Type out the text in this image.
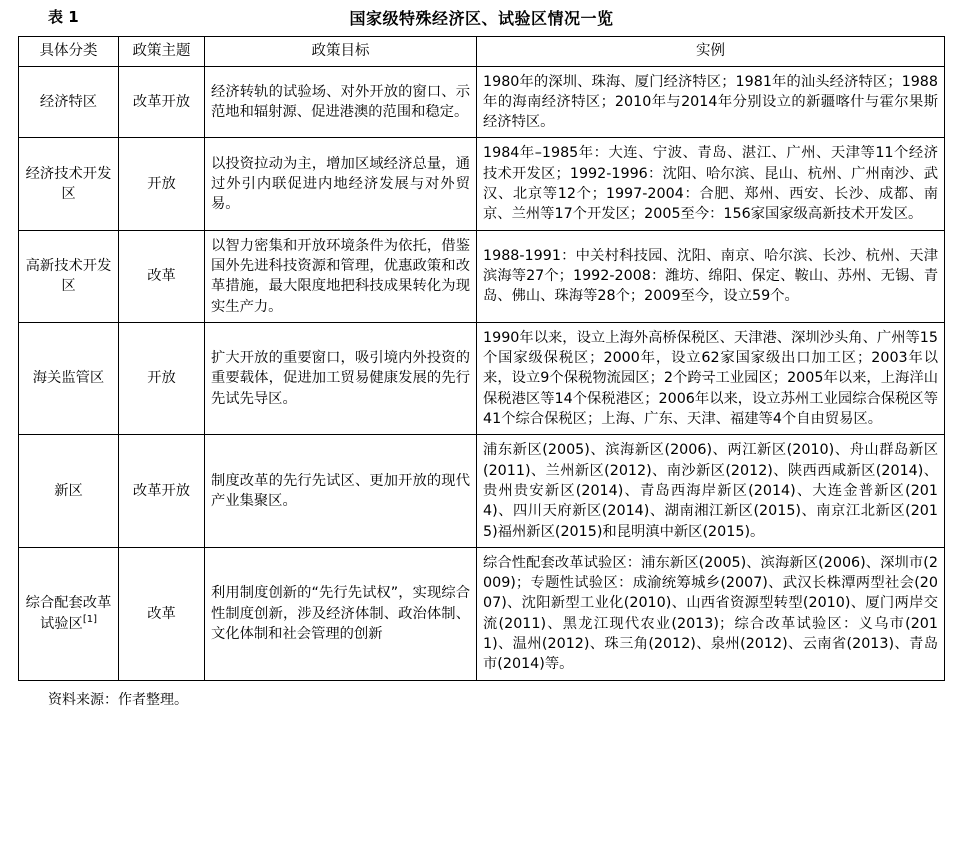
表 1	国家级特殊经济区、试验区情况一览
具体分类	政策主题	政策目标	实例
经济特区	改革开放	经济转轨的试验场、对外开放的窗口、示范地和辐射源、促进港澳的范围和稳定。	1980年的深圳、珠海、厦门经济特区；1981年的汕头经济特区；1988年的海南经济特区；2010年与2014年分别设立的新疆喀什与霍尔果斯经济特区。
经济技术开发区	开放	以投资拉动为主，增加区域经济总量，通过外引内联促进内地经济发展与对外贸易。	1984年–1985年：大连、宁波、青岛、湛江、广州、天津等11个经济技术开发区；1992-1996：沈阳、哈尔滨、昆山、杭州、广州南沙、武汉、北京等12个；1997-2004：合肥、郑州、西安、长沙、成都、南京、兰州等17个开发区；2005至今：156家国家级高新技术开发区。
高新技术开发区	改革	以智力密集和开放环境条件为依托，借鉴国外先进科技资源和管理，优惠政策和改革措施，最大限度地把科技成果转化为现实生产力。	1988-1991：中关村科技园、沈阳、南京、哈尔滨、长沙、杭州、天津滨海等27个；1992-2008：潍坊、绵阳、保定、鞍山、苏州、无锡、青岛、佛山、珠海等28个；2009至今，设立59个。
海关监管区	开放	扩大开放的重要窗口，吸引境内外投资的重要载体，促进加工贸易健康发展的先行先试先导区。	1990年以来，设立上海外高桥保税区、天津港、深圳沙头角、广州等15个国家级保税区；2000年，设立62家国家级出口加工区；2003年以来，设立9个保税物流园区；2个跨국工业园区；2005年以来，上海洋山保税港区等14个保税港区；2006年以来，设立苏州工业园综合保税区等41个综合保税区；上海、广东、天津、福建等4个自由贸易区。
新区	改革开放	制度改革的先行先试区、更加开放的现代产业集聚区。	浦东新区(2005)、滨海新区(2006)、两江新区(2010)、舟山群岛新区(2011)、兰州新区(2012)、南沙新区(2012)、陕西西咸新区(2014)、贵州贵安新区(2014)、青岛西海岸新区(2014)、大连金普新区(2014)、四川天府新区(2014)、湖南湘江新区(2015)、南京江北新区(2015)福州新区(2015)和昆明滇中新区(2015)。
综合配套改革试验区[1]	改革	利用制度创新的“先行先试权”，实现综合性制度创新，涉及经济体制、政治体制、文化体制和社会管理的创新	综合性配套改革试验区：浦东新区(2005)、滨海新区(2006)、深圳市(2009)；专题性试验区：成渝统筹城乡(2007)、武汉长株潭两型社会(2007)、沈阳新型工业化(2010)、山西省资源型转型(2010)、厦门两岸交流(2011)、黑龙江现代农业(2013)；综合改革试验区：义乌市(2011)、温州(2012)、珠三角(2012)、泉州(2012)、云南省(2013)、青岛市(2014)等。
资料来源：作者整理。
